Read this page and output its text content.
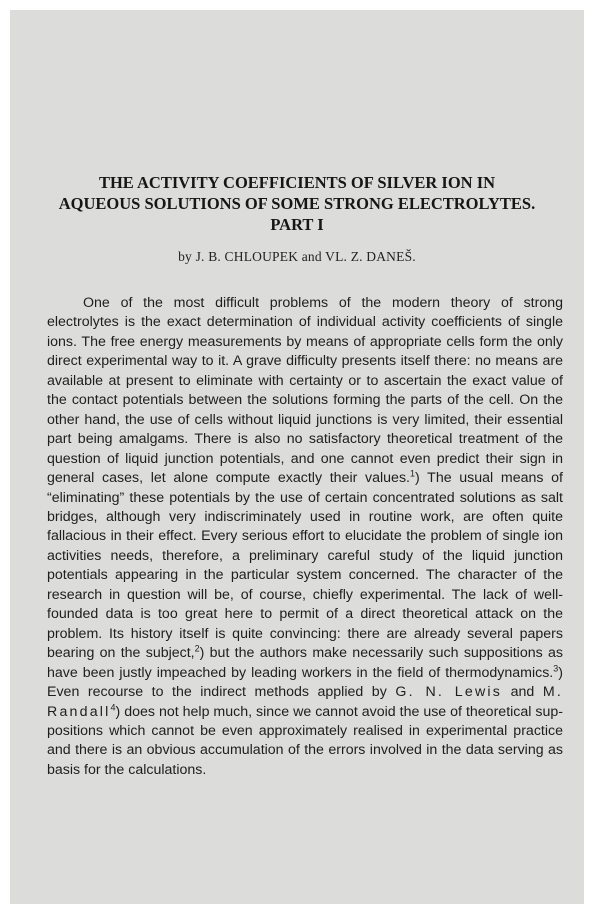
THE ACTIVITY COEFFICIENTS OF SILVER ION IN
AQUEOUS SOLUTIONS OF SOME STRONG ELECTROLYTES.
PART I
by J. B. CHLOUPEK and VL. Z. DANEŠ.

One of the most difficult problems of the modern theory of strong electrolytes is the exact determination of individual activity coefficients of single ions. The free energy measurements by means of appropriate cells form the only direct experimental way to it. A grave difficulty presents itself there: no means are available at present to eliminate with certainty or to ascertain the exact value of the contact potentials between the solutions forming the parts of the cell. On the other hand, the use of cells without liquid junctions is very limited, their essential part being amalgams. There is also no satisfactory theoretical treatment of the question of liquid junction potentials, and one cannot even predict their sign in general cases, let alone compute exactly their values.$^1$) The usual means of “eliminating” these potentials by the use of certain concentrated solutions as salt bridges, although very indiscriminately used in routine work, are often quite fallacious in their effect. Every serious effort to elucidate the problem of single ion activities needs, therefore, a preliminary careful study of the liquid junction potentials appearing in the particular system concerned. The character of the research in question will be, of course, chiefly experimental. The lack of well-founded data is too great here to permit of a direct theoretical attack on the problem. Its history itself is quite convincing: there are already several papers bearing on the subject,$^2$) but the authors make necessarily such suppositions as have been justly impeached by leading workers in the field of thermodynamics.$^3$) Even recourse to the indirect methods applied by G. N. Lewis and M. Randall$^4$) does not help much, since we cannot avoid the use of theoretical suppositions which cannot be even approximately realised in experimental practice and there is an obvious accumulation of the errors involved in the data serving as basis for the calculations.
